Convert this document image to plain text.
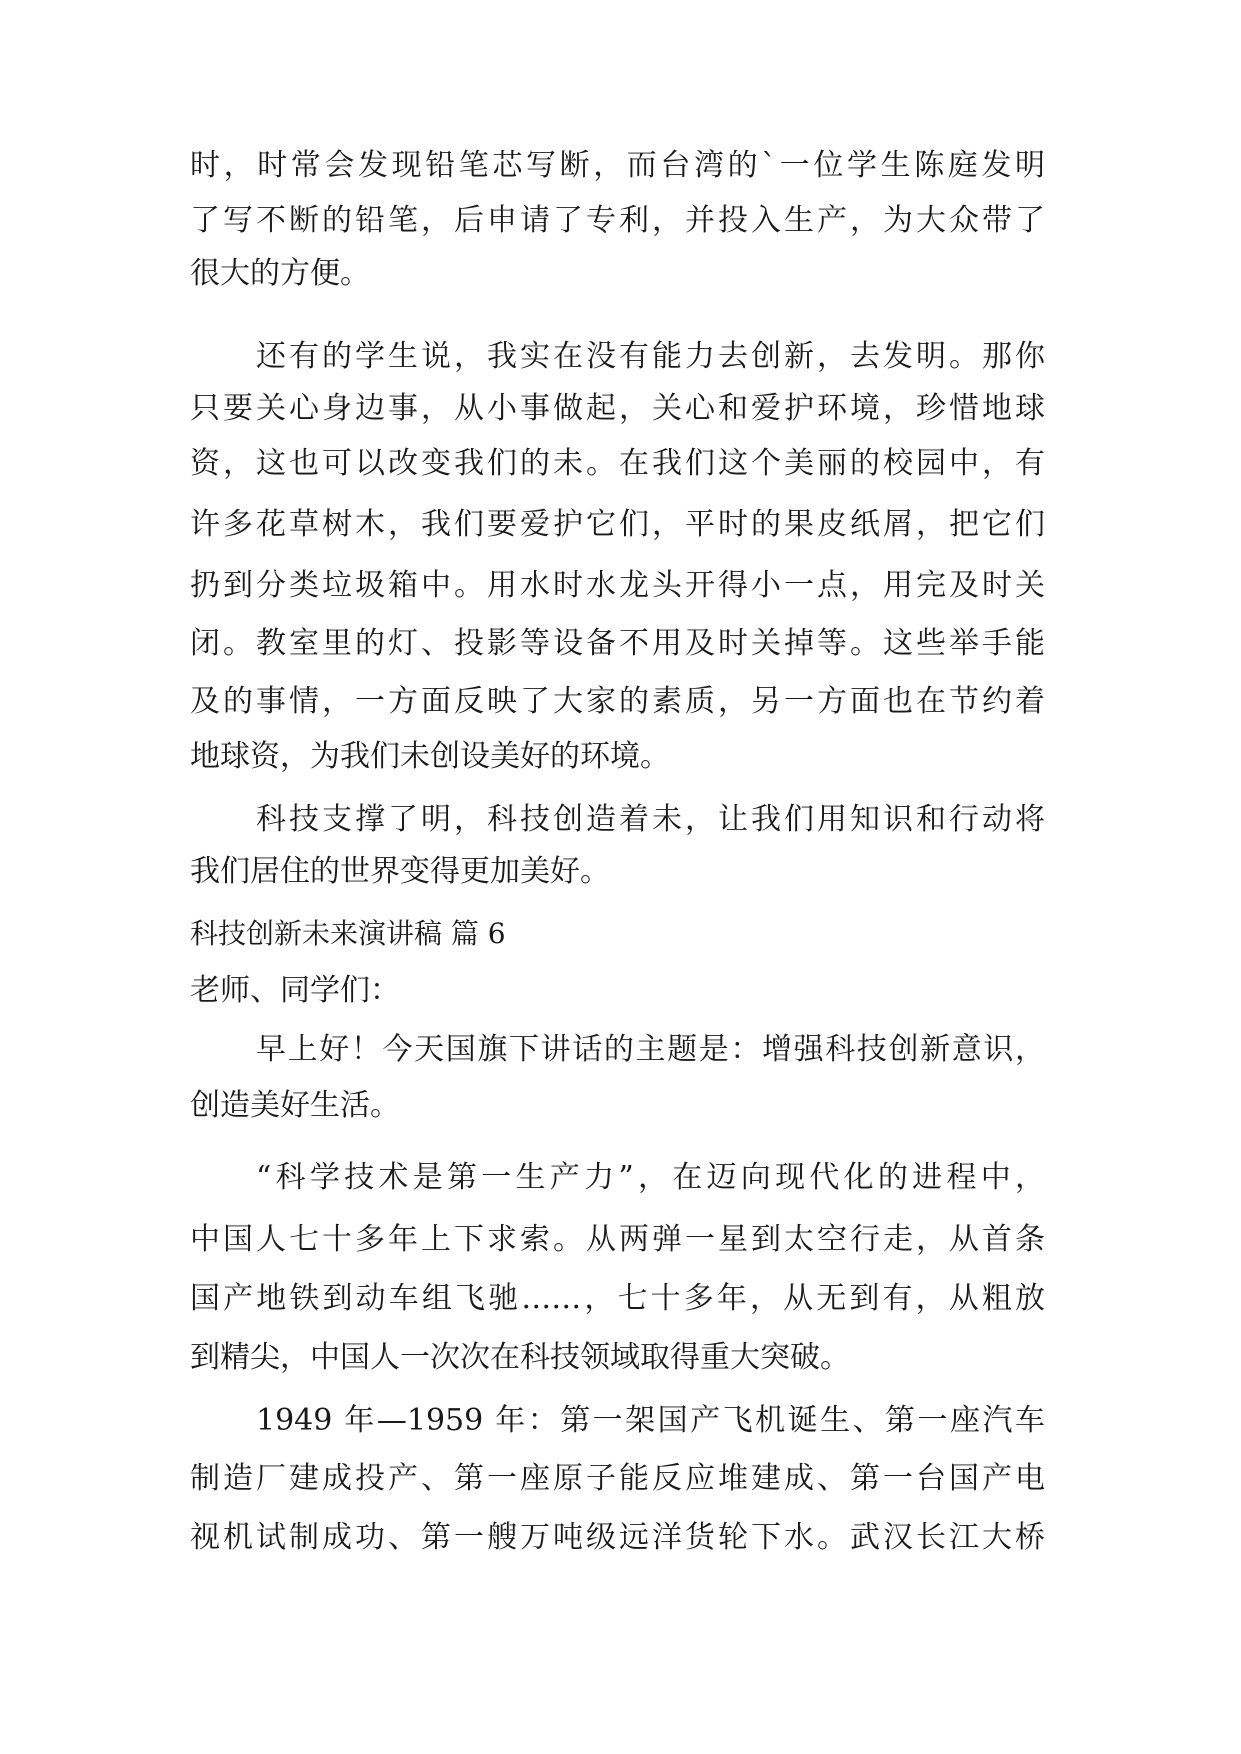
时，时常会发现铅笔芯写断，而台湾的`一位学生陈庭发明
了写不断的铅笔，后申请了专利，并投入生产，为大众带了
很大的方便。
还有的学生说，我实在没有能力去创新，去发明。那你
只要关心身边事，从小事做起，关心和爱护环境，珍惜地球
资，这也可以改变我们的未。在我们这个美丽的校园中，有
许多花草树木，我们要爱护它们，平时的果皮纸屑，把它们
扔到分类垃圾箱中。用水时水龙头开得小一点，用完及时关
闭。教室里的灯、投影等设备不用及时关掉等。这些举手能
及的事情，一方面反映了大家的素质，另一方面也在节约着
地球资，为我们未创设美好的环境。
科技支撑了明，科技创造着未，让我们用知识和行动将
我们居住的世界变得更加美好。
科技创新未来演讲稿 篇 6
老师、同学们：
早上好！今天国旗下讲话的主题是：增强科技创新意识，
创造美好生活。
“科学技术是第一生产力”，在迈向现代化的进程中，
中国人七十多年上下求索。从两弹一星到太空行走，从首条
国产地铁到动车组飞驰……，七十多年，从无到有，从粗放
到精尖，中国人一次次在科技领域取得重大突破。
1949 年—1959 年：第一架国产飞机诞生、第一座汽车
制造厂建成投产、第一座原子能反应堆建成、第一台国产电
视机试制成功、第一艘万吨级远洋货轮下水。武汉长江大桥
